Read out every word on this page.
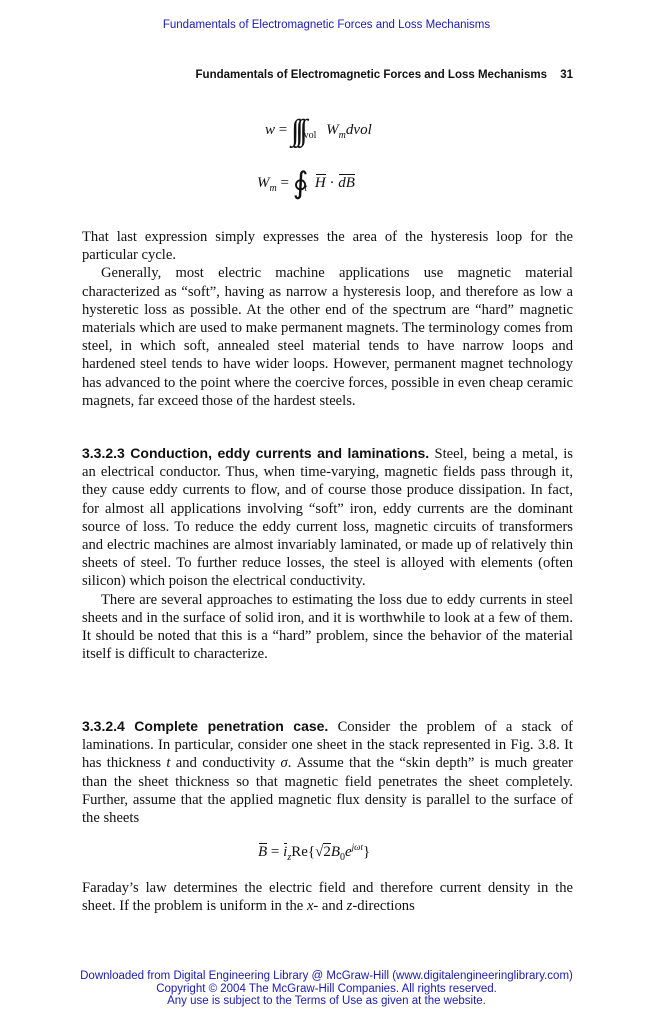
Fundamentals of Electromagnetic Forces and Loss Mechanisms
Fundamentals of Electromagnetic Forces and Loss Mechanisms 31
$w = \int\int\int_{vol}$ $W_mdvol$
$W_m$ = $∮_t$ H · dB

That last expression simply expresses the area of the hysteresis loop for the particular cycle.

Generally, most electric machine applications use magnetic material characterized as “soft”, having as narrow a hysteresis loop, and therefore as low a hysteretic loss as possible. At the other end of the spectrum are “hard” magnetic materials which are used to make permanent magnets. The terminology comes from steel, in which soft, annealed steel material tends to have narrow loops and hardened steel tends to have wider loops. However, permanent magnet technology has advanced to the point where the coercive forces, possible in even cheap ceramic magnets, far exceed those of the hardest steels.

3.3.2.3 Conduction, eddy currents and laminations. Steel, being a metal, is an electrical conductor. Thus, when time-varying, magnetic fields pass through it, they cause eddy currents to flow, and of course those produce dissipation. In fact, for almost all applications involving “soft” iron, eddy currents are the dominant source of loss. To reduce the eddy current loss, magnetic circuits of transformers and electric machines are almost invariably laminated, or made up of relatively thin sheets of steel. To further reduce losses, the steel is alloyed with elements (often silicon) which poison the electrical conductivity.

There are several approaches to estimating the loss due to eddy currents in steel sheets and in the surface of solid iron, and it is worthwhile to look at a few of them. It should be noted that this is a “hard” problem, since the behavior of the material itself is difficult to characterize.

3.3.2.4 Complete penetration case. Consider the problem of a stack of laminations. In particular, consider one sheet in the stack represented in Fig. 3.8. It has thickness t and conductivity σ. Assume that the “skin depth” is much greater than the sheet thickness so that magnetic field penetrates the sheet completely. Further, assume that the applied magnetic flux density is parallel to the surface of the sheets

$B = i_zRe\{√2B_0e^{j\omega t}\}$

Faraday’s law determines the electric field and therefore current density in the sheet. If the problem is uniform in the x- and z-directions

Downloaded from Digital Engineering Library @ McGraw-Hill (www.digitalengineeringlibrary.com)
Copyright © 2004 The McGraw-Hill Companies. All rights reserved.
Any use is subject to the Terms of Use as given at the website.
